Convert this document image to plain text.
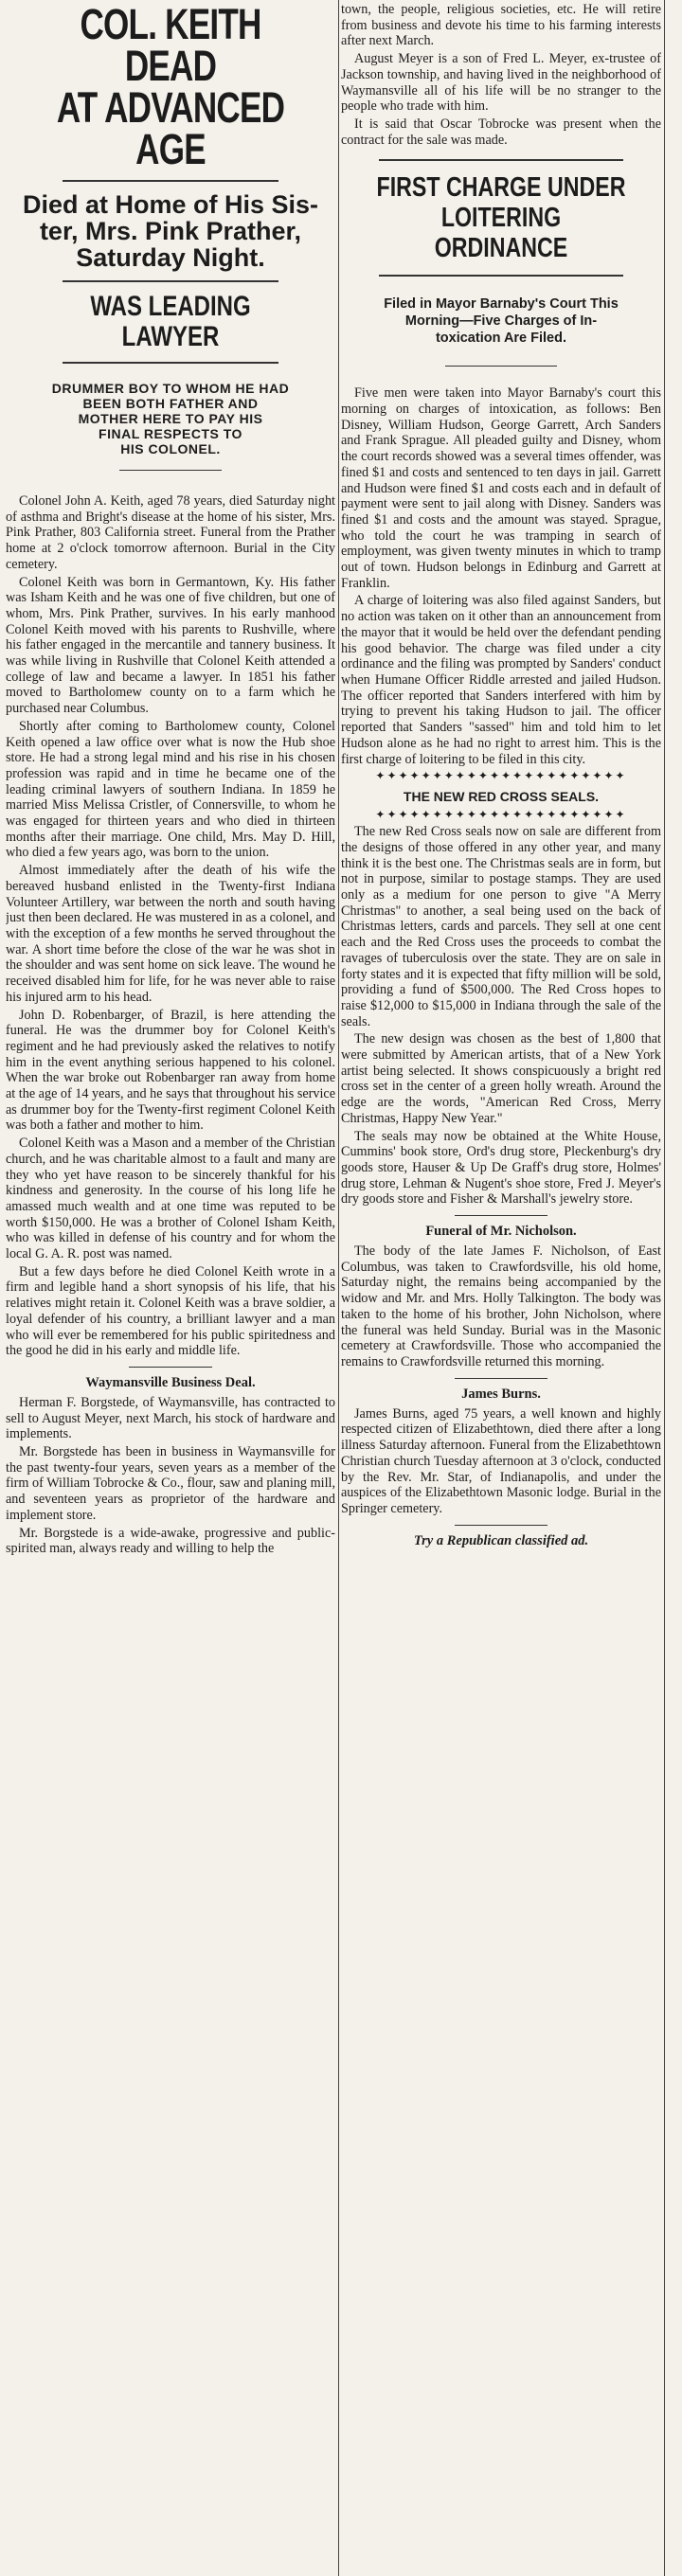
COL. KEITH DEAD
AT ADVANCED AGE
Died at Home of His Sis-
ter, Mrs. Pink Prather,
Saturday Night.
WAS LEADING LAWYER
DRUMMER BOY TO WHOM HE HAD
BEEN BOTH FATHER AND
MOTHER HERE TO PAY HIS
FINAL RESPECTS TO
HIS COLONEL.

Colonel John A. Keith, aged 78 years, died Saturday night of asthma and Bright's disease at the home of his sister, Mrs. Pink Prather, 803 California street. Funeral from the Prather home at 2 o'clock tomorrow afternoon. Burial in the City cemetery.

Colonel Keith was born in Germantown, Ky. His father was Isham Keith and he was one of five children, but one of whom, Mrs. Pink Prather, survives. In his early manhood Colonel Keith moved with his parents to Rushville, where his father engaged in the mercantile and tannery business. It was while living in Rushville that Colonel Keith attended a college of law and became a lawyer. In 1851 his father moved to Bartholomew county on to a farm which he purchased near Columbus.

Shortly after coming to Bartholomew county, Colonel Keith opened a law office over what is now the Hub shoe store. He had a strong legal mind and his rise in his chosen profession was rapid and in time he became one of the leading criminal lawyers of southern Indiana. In 1859 he married Miss Melissa Cristler, of Connersville, to whom he was engaged for thirteen years and who died in thirteen months after their marriage. One child, Mrs. May D. Hill, who died a few years ago, was born to the union.

Almost immediately after the death of his wife the bereaved husband enlisted in the Twenty-first Indiana Volunteer Artillery, war between the north and south having just then been declared. He was mustered in as a colonel, and with the exception of a few months he served throughout the war. A short time before the close of the war he was shot in the shoulder and was sent home on sick leave. The wound he received disabled him for life, for he was never able to raise his injured arm to his head.

John D. Robenbarger, of Brazil, is here attending the funeral. He was the drummer boy for Colonel Keith's regiment and he had previously asked the relatives to notify him in the event anything serious happened to his colonel. When the war broke out Robenbarger ran away from home at the age of 14 years, and he says that throughout his service as drummer boy for the Twenty-first regiment Colonel Keith was both a father and mother to him.

Colonel Keith was a Mason and a member of the Christian church, and he was charitable almost to a fault and many are they who yet have reason to be sincerely thankful for his kindness and generosity. In the course of his long life he amassed much wealth and at one time was reputed to be worth $150,000. He was a brother of Colonel Isham Keith, who was killed in defense of his country and for whom the local G. A. R. post was named.

But a few days before he died Colonel Keith wrote in a firm and legible hand a short synopsis of his life, that his relatives might retain it. Colonel Keith was a brave soldier, a loyal defender of his country, a brilliant lawyer and a man who will ever be remembered for his public spiritedness and the good he did in his early and middle life.

Waymansville Business Deal.

Herman F. Borgstede, of Waymansville, has contracted to sell to August Meyer, next March, his stock of hardware and implements.

Mr. Borgstede has been in business in Waymansville for the past twenty-four years, seven years as a member of the firm of William Tobrocke & Co., flour, saw and planing mill, and seventeen years as proprietor of the hardware and implement store.

Mr. Borgstede is a wide-awake, progressive and public-spirited man, always ready and willing to help the

town, the people, religious societies, etc. He will retire from business and devote his time to his farming interests after next March.

August Meyer is a son of Fred L. Meyer, ex-trustee of Jackson township, and having lived in the neighborhood of Waymansville all of his life will be no stranger to the people who trade with him.

It is said that Oscar Tobrocke was present when the contract for the sale was made.

FIRST CHARGE UNDER
LOITERING ORDINANCE
Filed in Mayor Barnaby's Court This
Morning—Five Charges of In-
toxication Are Filed.

Five men were taken into Mayor Barnaby's court this morning on charges of intoxication, as follows: Ben Disney, William Hudson, George Garrett, Arch Sanders and Frank Sprague. All pleaded guilty and Disney, whom the court records showed was a several times offender, was fined $1 and costs and sentenced to ten days in jail. Garrett and Hudson were fined $1 and costs each and in default of payment were sent to jail along with Disney. Sanders was fined $1 and costs and the amount was stayed. Sprague, who told the court he was tramping in search of employment, was given twenty minutes in which to tramp out of town. Hudson belongs in Edinburg and Garrett at Franklin.

A charge of loitering was also filed against Sanders, but no action was taken on it other than an announcement from the mayor that it would be held over the defendant pending his good behavior. The charge was filed under a city ordinance and the filing was prompted by Sanders' conduct when Humane Officer Riddle arrested and jailed Hudson. The officer reported that Sanders interfered with him by trying to prevent his taking Hudson to jail. The officer reported that Sanders "sassed" him and told him to let Hudson alone as he had no right to arrest him. This is the first charge of loitering to be filed in this city.

✦✦✦✦✦✦✦✦✦✦✦✦✦✦✦✦✦✦✦✦✦✦
THE NEW RED CROSS SEALS.
✦✦✦✦✦✦✦✦✦✦✦✦✦✦✦✦✦✦✦✦✦✦

The new Red Cross seals now on sale are different from the designs of those offered in any other year, and many think it is the best one. The Christmas seals are in form, but not in purpose, similar to postage stamps. They are used only as a medium for one person to give "A Merry Christmas" to another, a seal being used on the back of Christmas letters, cards and parcels. They sell at one cent each and the Red Cross uses the proceeds to combat the ravages of tuberculosis over the state. They are on sale in forty states and it is expected that fifty million will be sold, providing a fund of $500,000. The Red Cross hopes to raise $12,000 to $15,000 in Indiana through the sale of the seals.

The new design was chosen as the best of 1,800 that were submitted by American artists, that of a New York artist being selected. It shows conspicuously a bright red cross set in the center of a green holly wreath. Around the edge are the words, "American Red Cross, Merry Christmas, Happy New Year."

The seals may now be obtained at the White House, Cummins' book store, Ord's drug store, Pleckenburg's dry goods store, Hauser & Up De Graff's drug store, Holmes' drug store, Lehman & Nugent's shoe store, Fred J. Meyer's dry goods store and Fisher & Marshall's jewelry store.

Funeral of Mr. Nicholson.

The body of the late James F. Nicholson, of East Columbus, was taken to Crawfordsville, his old home, Saturday night, the remains being accompanied by the widow and Mr. and Mrs. Holly Talkington. The body was taken to the home of his brother, John Nicholson, where the funeral was held Sunday. Burial was in the Masonic cemetery at Crawfordsville. Those who accompanied the remains to Crawfordsville returned this morning.

James Burns.

James Burns, aged 75 years, a well known and highly respected citizen of Elizabethtown, died there after a long illness Saturday afternoon. Funeral from the Elizabethtown Christian church Tuesday afternoon at 3 o'clock, conducted by the Rev. Mr. Star, of Indianapolis, and under the auspices of the Elizabethtown Masonic lodge. Burial in the Springer cemetery.

Try a Republican classified ad.
